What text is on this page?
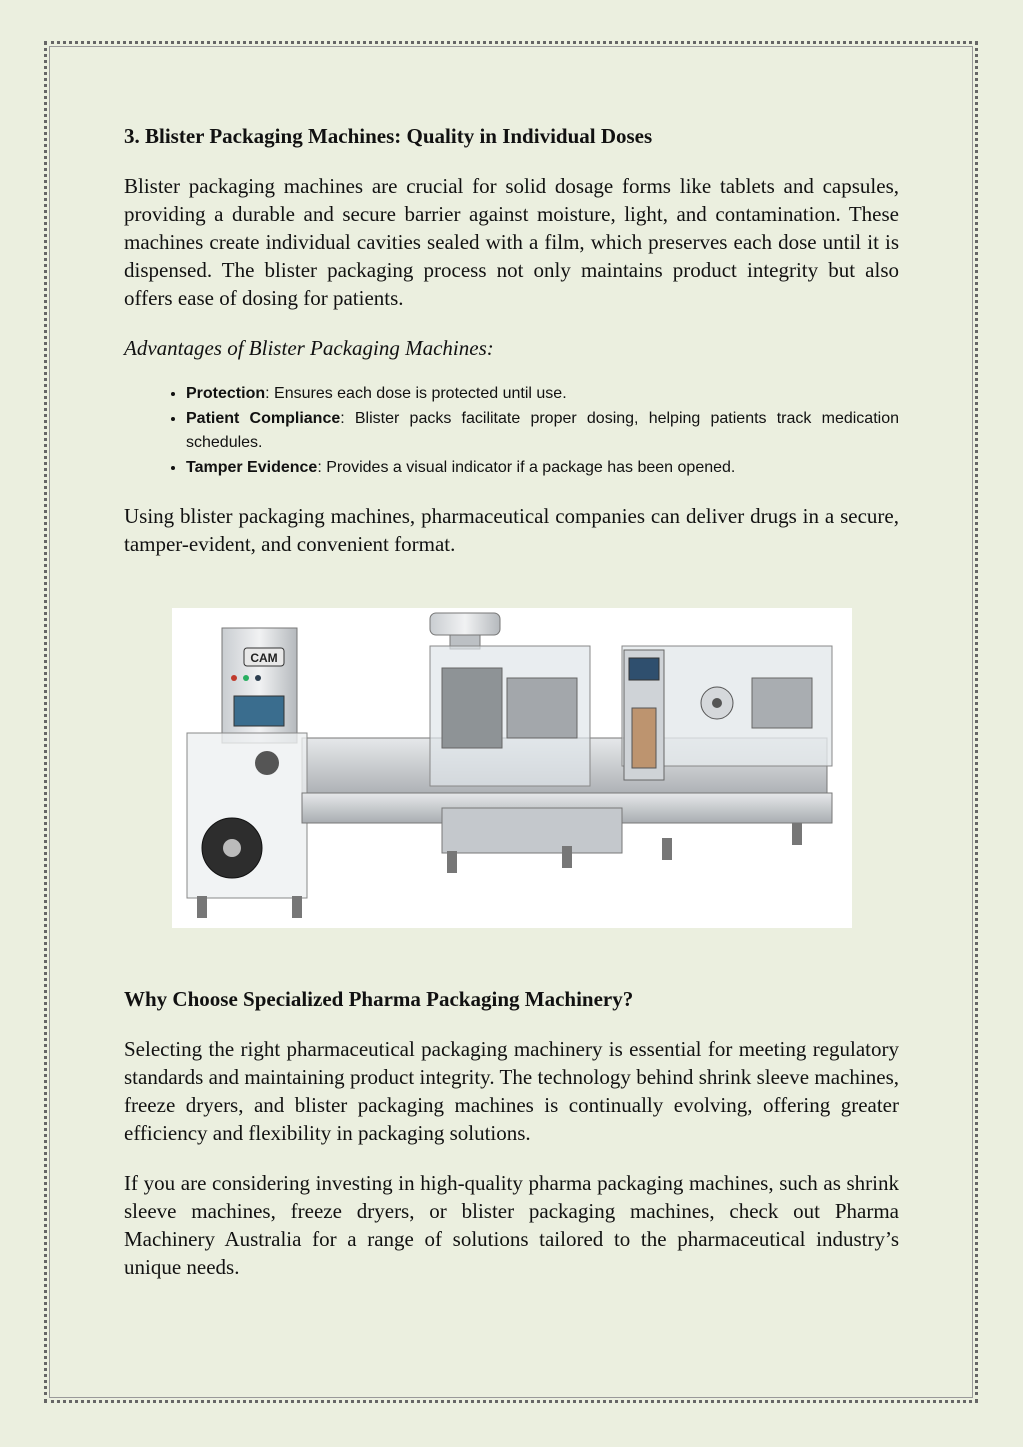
3. Blister Packaging Machines: Quality in Individual Doses

Blister packaging machines are crucial for solid dosage forms like tablets and capsules, providing a durable and secure barrier against moisture, light, and contamination. These machines create individual cavities sealed with a film, which preserves each dose until it is dispensed. The blister packaging process not only maintains product integrity but also offers ease of dosing for patients.

Advantages of Blister Packaging Machines:

• Protection: Ensures each dose is protected until use.
• Patient Compliance: Blister packs facilitate proper dosing, helping patients track medication schedules.
• Tamper Evidence: Provides a visual indicator if a package has been opened.

Using blister packaging machines, pharmaceutical companies can deliver drugs in a secure, tamper-evident, and convenient format.

CAM
Why Choose Specialized Pharma Packaging Machinery?

Selecting the right pharmaceutical packaging machinery is essential for meeting regulatory standards and maintaining product integrity. The technology behind shrink sleeve machines, freeze dryers, and blister packaging machines is continually evolving, offering greater efficiency and flexibility in packaging solutions.

If you are considering investing in high-quality pharma packaging machines, such as shrink sleeve machines, freeze dryers, or blister packaging machines, check out Pharma Machinery Australia for a range of solutions tailored to the pharmaceutical industry’s unique needs.
